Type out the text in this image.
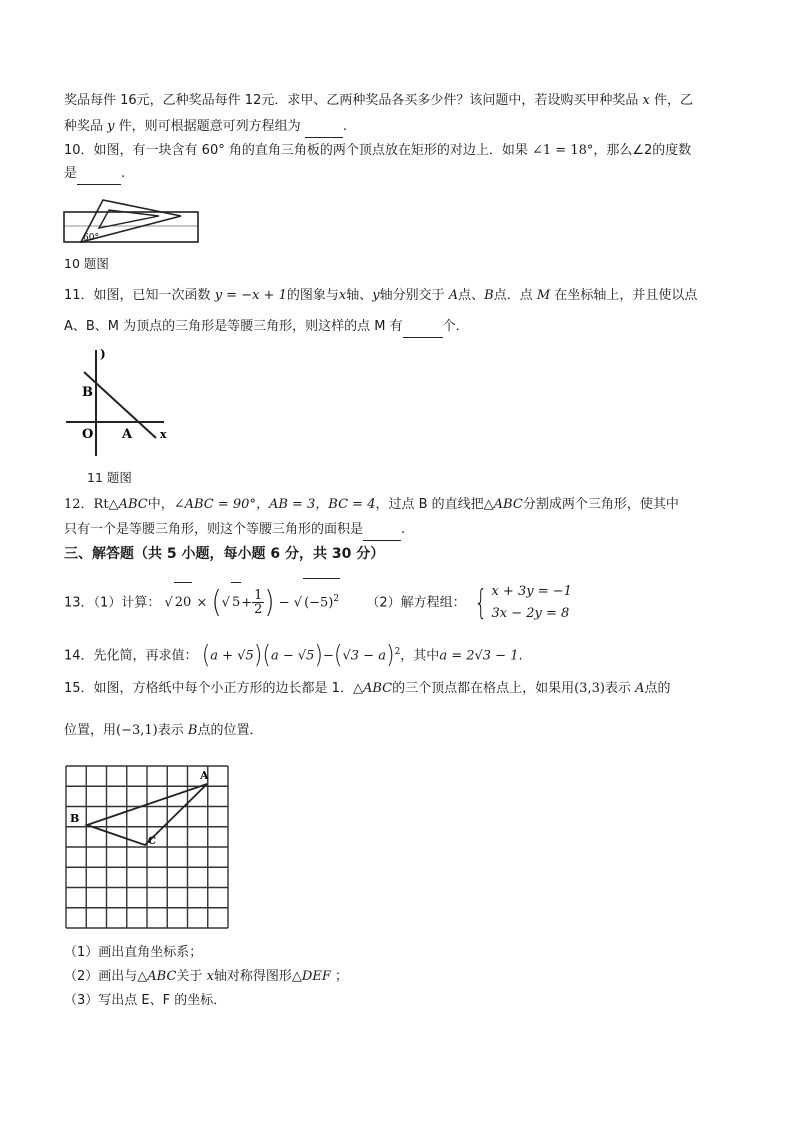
奖品每件 16元，乙种奖品每件 12元．求甲、乙两种奖品各买多少件？该问题中，若设购买甲种奖品 x 件，乙
种奖品 y 件，则可根据题意可列方程组为	.
10．如图，有一块含有 60° 角的直角三角板的两个顶点放在矩形的对边上．如果 ∠1 = 18°，那么∠2的度数
是	.
60°
10 题图
11．如图，已知一次函数 y = −x + 1的图象与x轴、y轴分别交于 A点、B点．点 M 在坐标轴上，并且使以点
A、B、M 为顶点的三角形是等腰三角形，则这样的点 M 有	个．
)
B
O A	x
11 题图
12．Rt△ABC中，∠ABC = 90°，AB = 3，BC = 4，过点 B 的直线把△ABC分割成两个三角形，使其中
只有一个是等腰三角形，则这个等腰三角形的面积是	.
三、解答题（共 5 小题，每小题 6 分，共 30 分）
13．（1）计算： √ 20 × (√ $5+ \frac{1}{2}$ ) − √ $(-5)^2$ （2）解方程组： { x + 3y = −1
3x − 2y = 8
14．先化简，再求值： $(a + √5)(a - √5)-(√3 - a)^2$，其中a = 2√3 − 1.
15．如图，方格纸中每个小正方形的边长都是 1．△ABC的三个顶点都在格点上，如果用(3,3)表示 A点的
位置，用(−3,1)表示 B点的位置．
A
B
C
（1）画出直角坐标系；
（2）画出与△ABC关于 x轴对称得图形△DEF ；
（3）写出点 E、F 的坐标．
